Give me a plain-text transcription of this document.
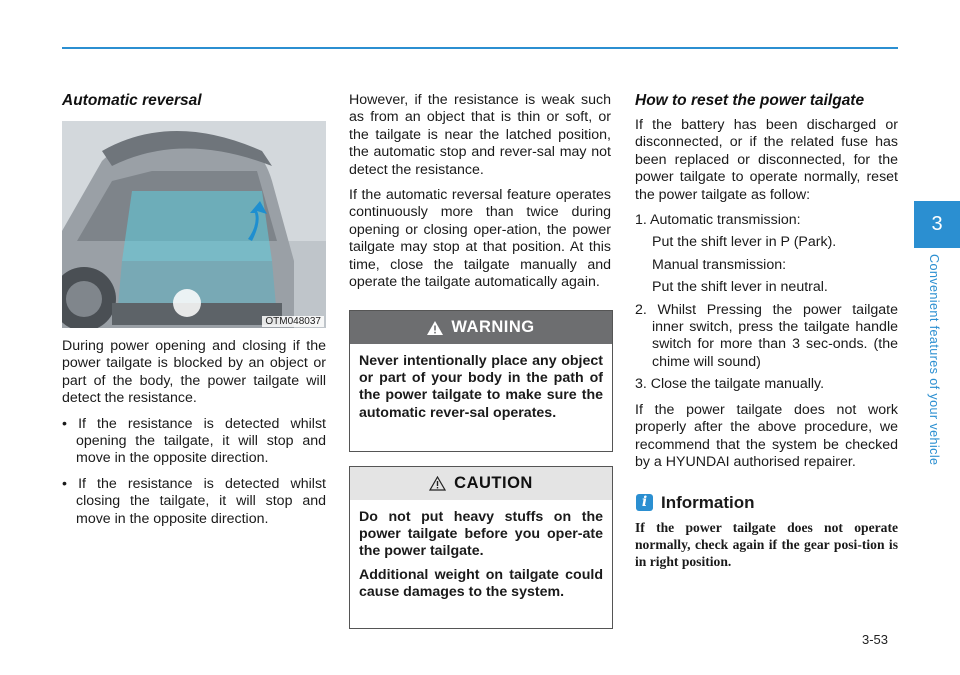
Automatic reversal
OTM048037

During power opening and closing if the power tailgate is blocked by an object or part of the body, the power tailgate will detect the resistance.

• If the resistance is detected whilst opening the tailgate, it will stop and move in the opposite direction.

• If the resistance is detected whilst closing the tailgate, it will stop and move in the opposite direction.

However, if the resistance is weak such as from an object that is thin or soft, or the tailgate is near the latched position, the automatic stop and rever-sal may not detect the resistance.

If the automatic reversal feature operates continuously more than twice during opening or closing oper-ation, the power tailgate may stop at that position. At this time, close the tailgate manually and operate the tailgate automatically again.

WARNING

Never intentionally place any object or part of your body in the path of the power tailgate to make sure the automatic rever-sal operates.

CAUTION

Do not put heavy stuffs on the power tailgate before you oper-ate the power tailgate.

Additional weight on tailgate could cause damages to the system.

How to reset the power tailgate

If the battery has been discharged or disconnected, or if the related fuse has been replaced or disconnected, for the power tailgate to operate normally, reset the power tailgate as follow:

1. Automatic transmission:
Put the shift lever in P (Park).
Manual transmission:
Put the shift lever in neutral.
2. Whilst Pressing the power tailgate inner switch, press the tailgate handle switch for more than 3 sec-onds. (the chime will sound)
3. Close the tailgate manually.

If the power tailgate does not work properly after the above procedure, we recommend that the system be checked by a HYUNDAI authorised repairer.

i Information
If the power tailgate does not operate normally, check again if the gear posi-tion is in right position.
3
Convenient features of your vehicle
3-53
